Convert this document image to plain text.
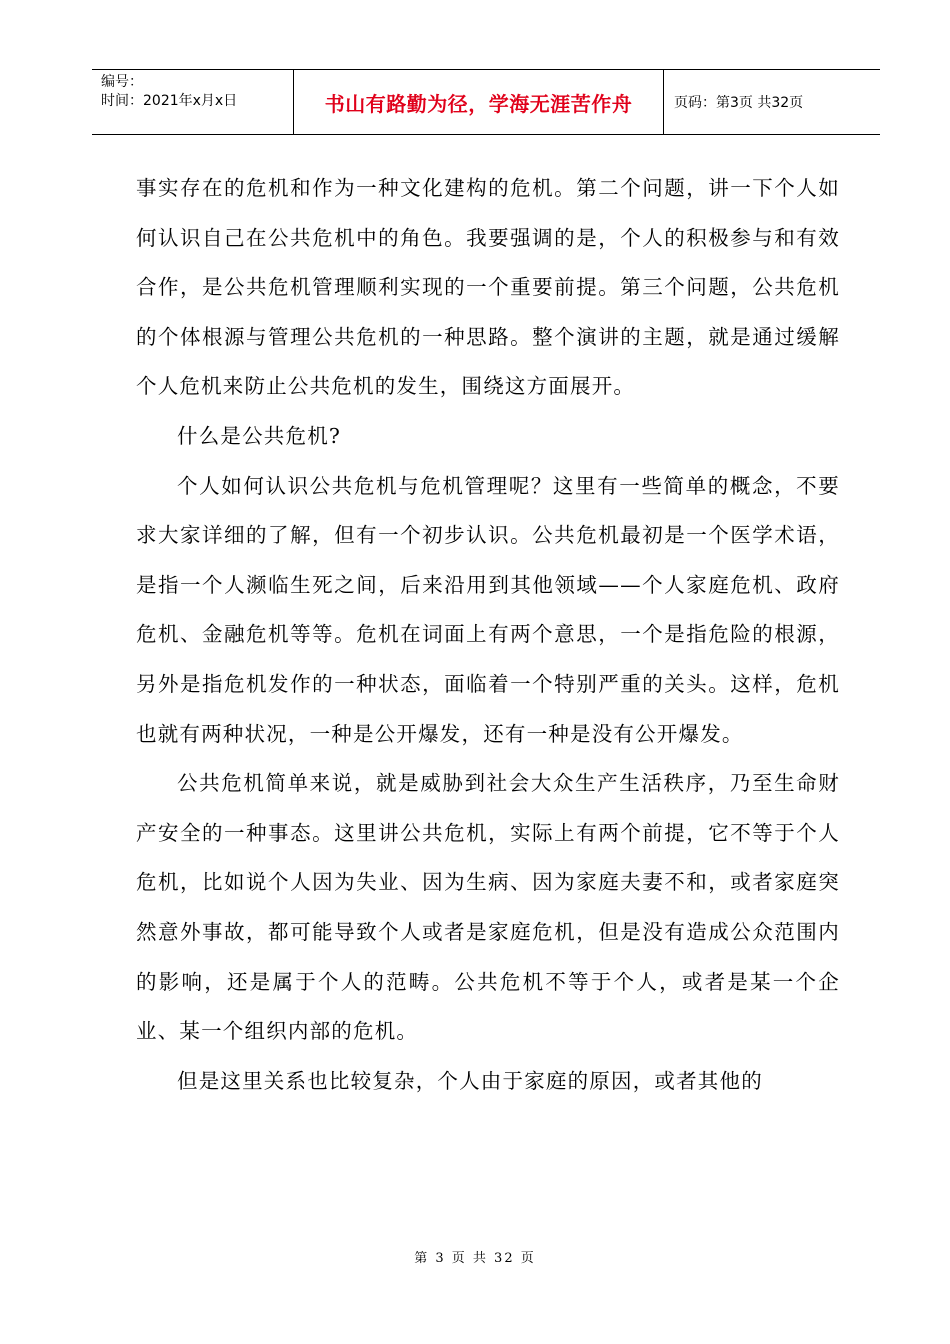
编号：
时间：2021年x月x日	书山有路勤为径，学海无涯苦作舟	页码：第3页 共32页

事实存在的危机和作为一种文化建构的危机。第二个问题，讲一下个人如何认识自己在公共危机中的角色。我要强调的是，个人的积极参与和有效合作，是公共危机管理顺利实现的一个重要前提。第三个问题，公共危机的个体根源与管理公共危机的一种思路。整个演讲的主题，就是通过缓解个人危机来防止公共危机的发生，围绕这方面展开。

什么是公共危机?

个人如何认识公共危机与危机管理呢？这里有一些简单的概念，不要求大家详细的了解，但有一个初步认识。公共危机最初是一个医学术语，是指一个人濒临生死之间，后来沿用到其他领域——个人家庭危机、政府危机、金融危机等等。危机在词面上有两个意思，一个是指危险的根源，另外是指危机发作的一种状态，面临着一个特别严重的关头。这样，危机也就有两种状况，一种是公开爆发，还有一种是没有公开爆发。

公共危机简单来说，就是威胁到社会大众生产生活秩序，乃至生命财产安全的一种事态。这里讲公共危机，实际上有两个前提，它不等于个人危机，比如说个人因为失业、因为生病、因为家庭夫妻不和，或者家庭突然意外事故，都可能导致个人或者是家庭危机，但是没有造成公众范围内的影响，还是属于个人的范畴。公共危机不等于个人，或者是某一个企业、某一个组织内部的危机。

但是这里关系也比较复杂，个人由于家庭的原因，或者其他的

第 3 页 共 32 页
